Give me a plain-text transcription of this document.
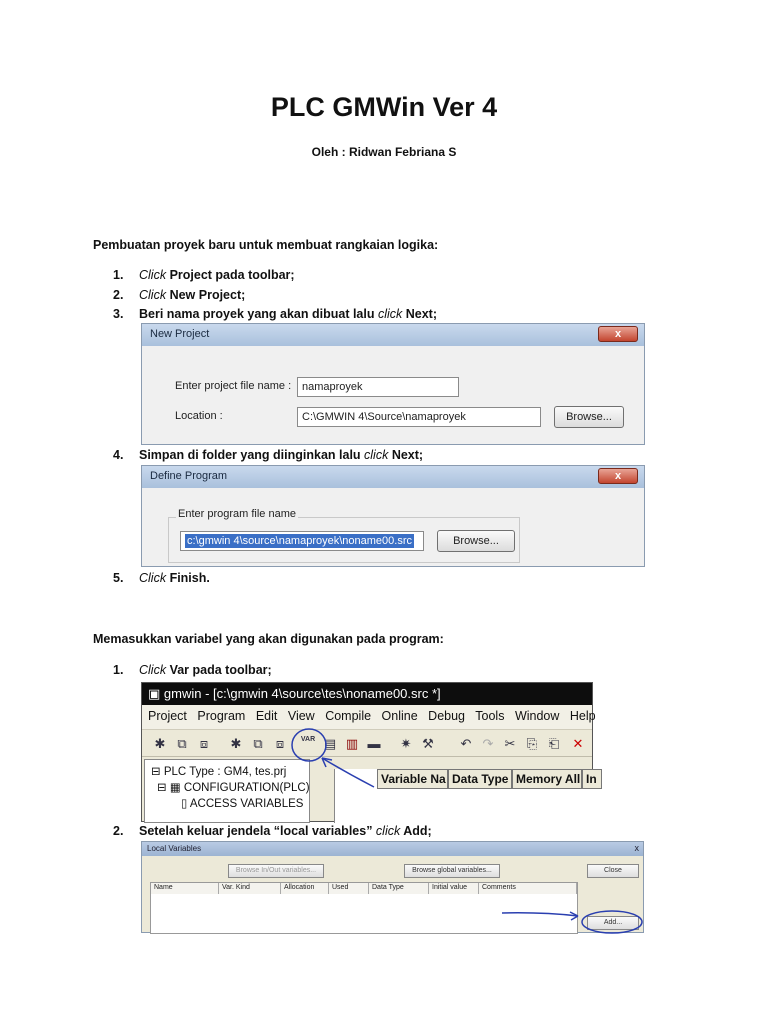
PLC GMWin Ver 4
Oleh : Ridwan Febriana S
Pembuatan proyek baru untuk membuat rangkaian logika:
1. Click Project pada toolbar;
2. Click New Project;
3. Beri nama proyek yang akan dibuat lalu click Next;
New Project	x
Enter project file name : namaproyek
Location :	C:\GMWIN 4\Source\namaproyek	Browse...
4. Simpan di folder yang diinginkan lalu click Next;
Define Program	x
Enter program file name
c:\gmwin 4\source\namaproyek\noname00.src	Browse...
5. Click Finish.
Memasukkan variabel yang akan digunakan pada program:
1. Click Var pada toolbar;
▣ gmwin - [c:\gmwin 4\source\tes\noname00.src *]
Project Program Edit View Compile Online Debug Tools Window Help
✱ ⧉ ⧈ ✱ ⧉ ⧈	VAR ▤ ▥ ▬ ✷ ⚒ ↶ ↷ ✂ ⎘ ⎗ ✕
⊟ PLC Type : GM4, tes.prj
⊟ ▦ CONFIGURATION(PLC)
▯ ACCESS VARIABLES
Variable Na Data Type Memory All In
2. Setelah keluar jendela “local variables” click Add;
Local Variables	x
Browse In/Out variables...	Browse global variables...	Close
Name	Var. Kind	Allocation	Used	Data Type	Initial value	Comments
Add...
